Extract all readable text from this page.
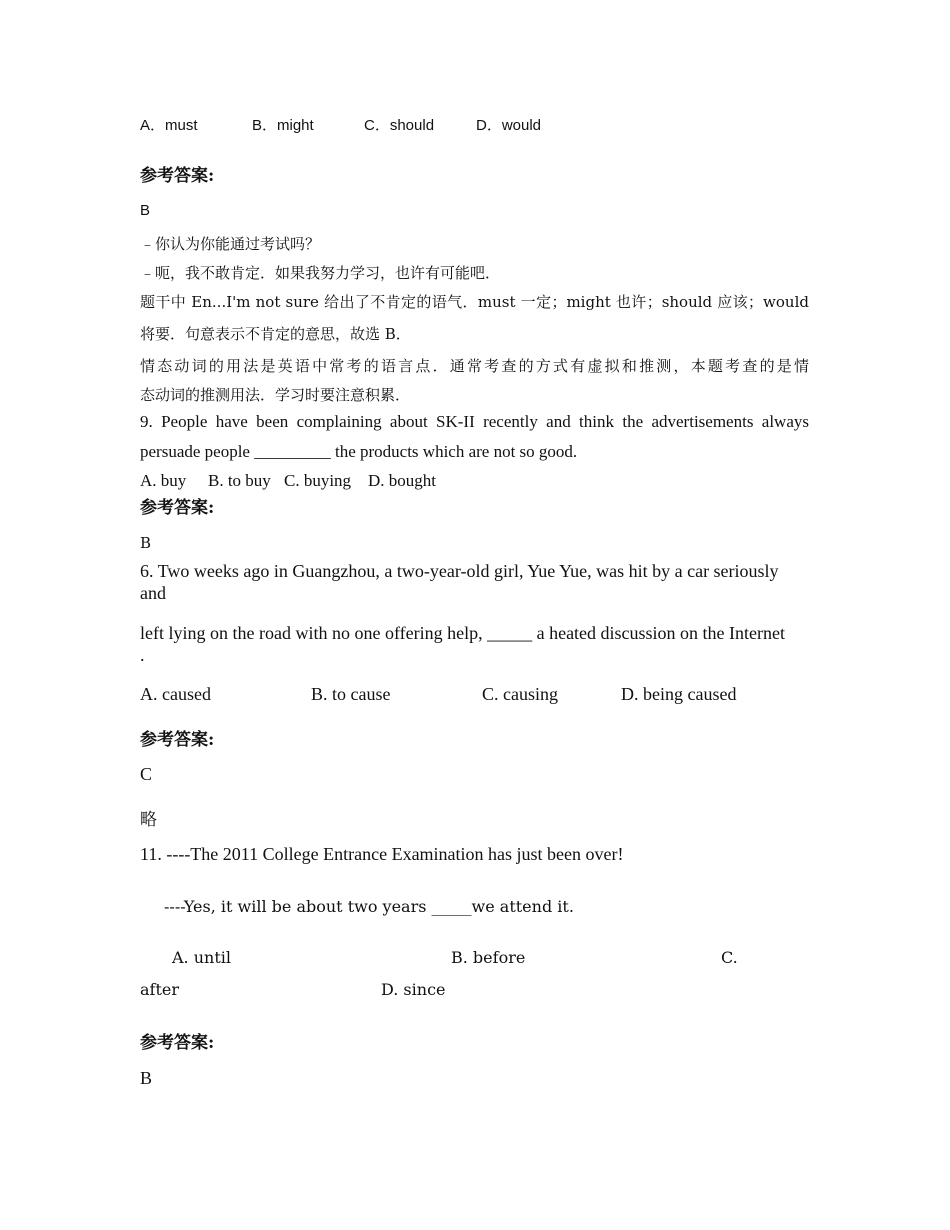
A．must	B．might	C．should	D．would
参考答案:
B
﹣你认为你能通过考试吗？
﹣呃，我不敢肯定．如果我努力学习，也许有可能吧．
题干中 En...I'm not sure 给出了不肯定的语气．must 一定；might 也许；should 应该；would
将要．句意表示不肯定的意思，故选 B．
情态动词的用法是英语中常考的语言点．通常考查的方式有虚拟和推测，本题考查的是情
态动词的推测用法．学习时要注意积累．
9. People have been complaining about SK-II recently and think the advertisements always
persuade people _________ the products which are not so good.
A. buy B. to buy C. buying D. bought
参考答案:
B
6. Two weeks ago in Guangzhou, a two-year-old girl, Yue Yue, was hit by a car seriously
and
left lying on the road with no one offering help, _____ a heated discussion on the Internet
.
A. caused	B. to cause	C. causing	D. being caused
参考答案:
C
略
11. ----The 2011 College Entrance Examination has just been over!
----Yes, it will be about two years _____we attend it.
A. until	B. before	C.
after	D. since
参考答案:
B
